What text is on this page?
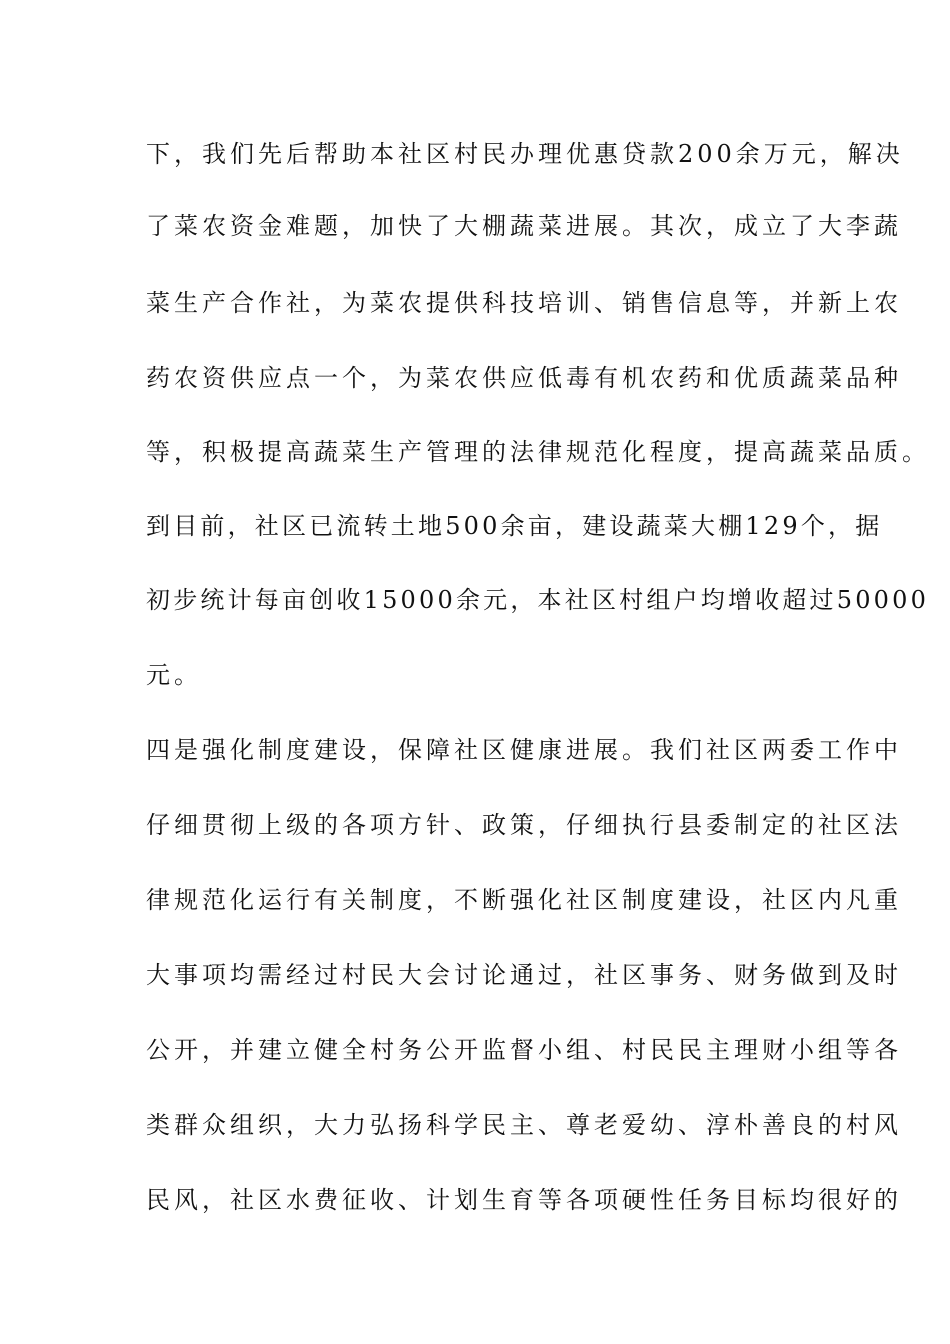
下，我们先后帮助本社区村民办理优惠贷款200余万元，解决
了菜农资金难题，加快了大棚蔬菜进展。其次，成立了大李蔬
菜生产合作社，为菜农提供科技培训、销售信息等，并新上农
药农资供应点一个，为菜农供应低毒有机农药和优质蔬菜品种
等，积极提高蔬菜生产管理的法律规范化程度，提高蔬菜品质。
到目前，社区已流转土地500余亩，建设蔬菜大棚129个，据
初步统计每亩创收15000余元，本社区村组户均增收超过50000
元。
四是强化制度建设，保障社区健康进展。我们社区两委工作中
仔细贯彻上级的各项方针、政策，仔细执行县委制定的社区法
律规范化运行有关制度，不断强化社区制度建设，社区内凡重
大事项均需经过村民大会讨论通过，社区事务、财务做到及时
公开，并建立健全村务公开监督小组、村民民主理财小组等各
类群众组织，大力弘扬科学民主、尊老爱幼、淳朴善良的村风
民风，社区水费征收、计划生育等各项硬性任务目标均很好的
